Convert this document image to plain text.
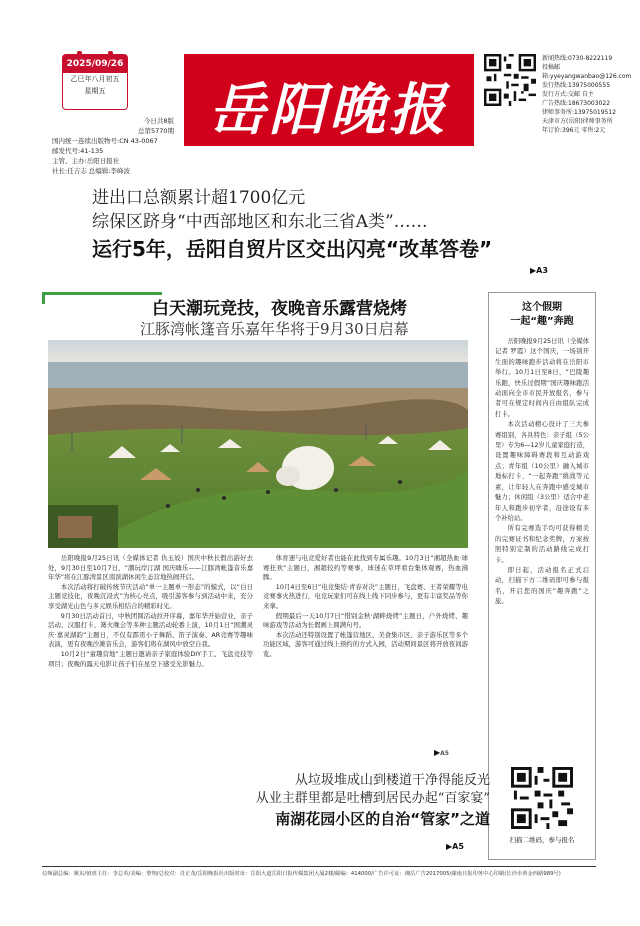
2025/09/26
乙巳年八月初五
星期五
今日共8版
总第5770期
国内统一连续出版物号:CN 43-0067
邮发代号:41-135
主管、主办:岳阳日报社
社长:任吉志 总编辑:李峰波
岳阳晚报
新闻热线:0730-8222119
投稿邮箱:yyeyangwanbao@126.com
发行热线:13975000555
发行方式:交邮 自主
广告热线:18673003022
律师事务所:13975019512
天津市方(岳阳)律师事务所
年订价:396元 零售:2元
进出口总额累计超1700亿元
综保区跻身“中西部地区和东北三省A类”……
运行5年，岳阳自贸片区交出闪亮“改革答卷”
▶A3
白天潮玩竞技，夜晚音乐露营烧烤
江豚湾帐篷音乐嘉年华将于9月30日启幕

岳阳晚报9月25日讯（全媒体记者 仇玉姣）国庆中秋长假出游好去处，9月30日至10月7日，“潮玩岸汀湖 国庆嗨乐——江豚湾帐篷音乐嘉年华”将在江豚湾景区南滨湖休闲生态营地热闹开启。

本次活动将打破传统节庆活动“单一主题单一形态”的模式，以“白日主题竞技化，夜晚沉浸式”为核心亮点，吸引游客参与到活动中来，充分享受湖光山色与多元娱乐相结合的精彩时光。

9月30日活动首日，中秋团圆活动拉开序幕，嘉年华开始营业，亲子活动、汉服打卡、篝火晚会等多种主题活动轮番上演，10月1日“国潮灵庆·嘉灵湖韵”主题日，不仅有霹雳小子舞蹈、笛子演奏、AR竞赛等趣味表演，更有夜晚沙滩音乐会，游客们将在湖风中放空自我。

10月2日“童趣营地”主题日邀请亲子家庭体验DIY手工、飞盘竞技等项目；夜晚的露天电影让孩子们在星空下感受光影魅力。

体育速与电竞爱好者也能在此找到专属乐趣。10月3日“湘超热血·球赛狂欢”主题日，湘超较约等赛事，球迷在草坪看台集体观赛，热血沸腾。

10月4日至6日“电竞集结·青春对决”主题日，飞盘赛、王者荣耀等电竞赛事火热进行，电竞玩家们可在线上线下同步参与，更有丰富奖品等你来拿。

假期最后一天10月7日“惜别金秋·湖畔烧烤”主题日，户外烧烤、趣味游戏等活动为长假画上圆满句号。

本次活动还特别设置了帐篷营地区、美食集市区、亲子游乐区等多个功能区域，游客可通过线上预约的方式入园，活动期间景区将开放夜间游览。

这个假期
一起“趣”奔跑

岳阳晚报9月25日讯（全媒体记者 罗霞）这个国庆，一场别开生面的趣味跑步活动将在岳阳市举行。10月1日至8日，“巴陵趣乐跑，快乐过假期”国庆趣味跑活动面向全市市民开放报名，参与者可在规定时间内自由组队完成打卡。

本次活动精心设计了三大参赛组别，各具特色：亲子组（5公里）专为6—12岁儿童家庭打造，设置趣味障碍赛段和互动游戏点；青年组（10公里）融入城市地标打卡、“一起奔跑”挑战等元素，让年轻人在奔跑中感受城市魅力；休闲组（3公里）适合中老年人和跑步初学者，沿途设有多个补给站。

所有完赛选手均可获得精美的完赛证书和纪念奖牌，方案按照特别定制的活动路线完成打卡。

即日起，活动报名正式启动，扫描下方二维码即可参与报名，开启您的国庆“趣奔跑”之旅。

扫描二维码，参与报名
从垃圾堆成山到楼道干净得能反光
从业主群里都是吐槽到居民办起“百家宴”
南湖花园小区的自治“管家”之道
▶A5
▶A5
信频副总编：姚东/值班主任：李总英/美编：黎翔/总校对：肖正茂/岳阳晚报社出版时址：岳阳大道岳阳日报传媒集团大厦2楼/邮编：414000/广告许可证：湘岳广告2017005/湖南日报印务中心印刷(长沙市黄金西路989号)
